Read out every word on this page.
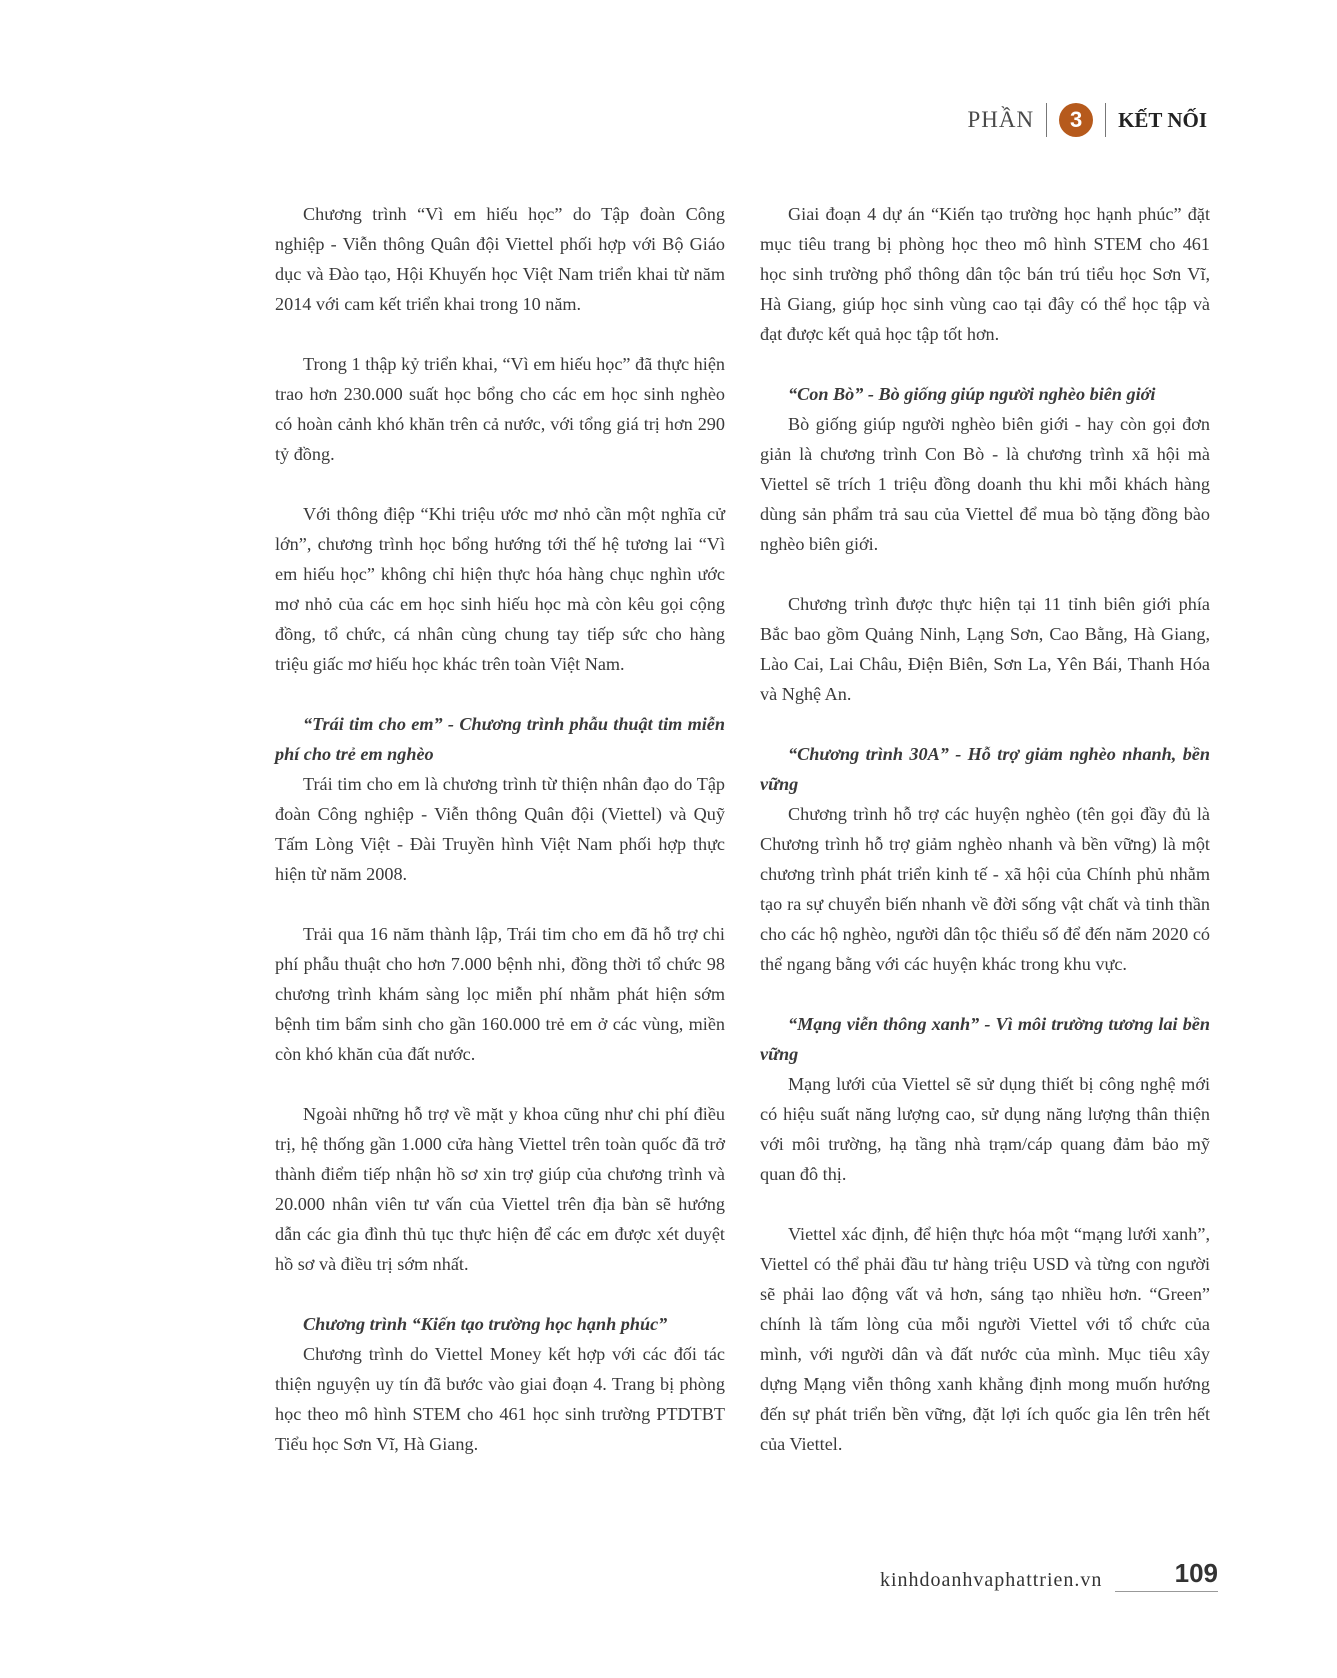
PHẦN	3	KẾT NỐI

Chương trình “Vì em hiếu học” do Tập đoàn Công nghiệp - Viễn thông Quân đội Viettel phối hợp với Bộ Giáo dục và Đào tạo, Hội Khuyến học Việt Nam triển khai từ năm 2014 với cam kết triển khai trong 10 năm.

Trong 1 thập kỷ triển khai, “Vì em hiếu học” đã thực hiện trao hơn 230.000 suất học bổng cho các em học sinh nghèo có hoàn cảnh khó khăn trên cả nước, với tổng giá trị hơn 290 tỷ đồng.

Với thông điệp “Khi triệu ước mơ nhỏ cần một nghĩa cử lớn”, chương trình học bổng hướng tới thế hệ tương lai “Vì em hiếu học” không chỉ hiện thực hóa hàng chục nghìn ước mơ nhỏ của các em học sinh hiếu học mà còn kêu gọi cộng đồng, tổ chức, cá nhân cùng chung tay tiếp sức cho hàng triệu giấc mơ hiếu học khác trên toàn Việt Nam.

“Trái tim cho em” - Chương trình phẫu thuật tim miễn phí cho trẻ em nghèo

Trái tim cho em là chương trình từ thiện nhân đạo do Tập đoàn Công nghiệp - Viễn thông Quân đội (Viettel) và Quỹ Tấm Lòng Việt - Đài Truyền hình Việt Nam phối hợp thực hiện từ năm 2008.

Trải qua 16 năm thành lập, Trái tim cho em đã hỗ trợ chi phí phẫu thuật cho hơn 7.000 bệnh nhi, đồng thời tổ chức 98 chương trình khám sàng lọc miễn phí nhằm phát hiện sớm bệnh tim bẩm sinh cho gần 160.000 trẻ em ở các vùng, miền còn khó khăn của đất nước.

Ngoài những hỗ trợ về mặt y khoa cũng như chi phí điều trị, hệ thống gần 1.000 cửa hàng Viettel trên toàn quốc đã trở thành điểm tiếp nhận hồ sơ xin trợ giúp của chương trình và 20.000 nhân viên tư vấn của Viettel trên địa bàn sẽ hướng dẫn các gia đình thủ tục thực hiện để các em được xét duyệt hồ sơ và điều trị sớm nhất.

Chương trình “Kiến tạo trường học hạnh phúc”

Chương trình do Viettel Money kết hợp với các đối tác thiện nguyện uy tín đã bước vào giai đoạn 4. Trang bị phòng học theo mô hình STEM cho 461 học sinh trường PTDTBT Tiểu học Sơn Vĩ, Hà Giang.

Giai đoạn 4 dự án “Kiến tạo trường học hạnh phúc” đặt mục tiêu trang bị phòng học theo mô hình STEM cho 461 học sinh trường phổ thông dân tộc bán trú tiểu học Sơn Vĩ, Hà Giang, giúp học sinh vùng cao tại đây có thể học tập và đạt được kết quả học tập tốt hơn.

“Con Bò” - Bò giống giúp người nghèo biên giới

Bò giống giúp người nghèo biên giới - hay còn gọi đơn giản là chương trình Con Bò - là chương trình xã hội mà Viettel sẽ trích 1 triệu đồng doanh thu khi mỗi khách hàng dùng sản phẩm trả sau của Viettel để mua bò tặng đồng bào nghèo biên giới.

Chương trình được thực hiện tại 11 tỉnh biên giới phía Bắc bao gồm Quảng Ninh, Lạng Sơn, Cao Bằng, Hà Giang, Lào Cai, Lai Châu, Điện Biên, Sơn La, Yên Bái, Thanh Hóa và Nghệ An.

“Chương trình 30A” - Hỗ trợ giảm nghèo nhanh, bền vững

Chương trình hỗ trợ các huyện nghèo (tên gọi đầy đủ là Chương trình hỗ trợ giảm nghèo nhanh và bền vững) là một chương trình phát triển kinh tế - xã hội của Chính phủ nhằm tạo ra sự chuyển biến nhanh về đời sống vật chất và tinh thần cho các hộ nghèo, người dân tộc thiểu số để đến năm 2020 có thể ngang bằng với các huyện khác trong khu vực.

“Mạng viễn thông xanh” - Vì môi trường tương lai bền vững

Mạng lưới của Viettel sẽ sử dụng thiết bị công nghệ mới có hiệu suất năng lượng cao, sử dụng năng lượng thân thiện với môi trường, hạ tầng nhà trạm/cáp quang đảm bảo mỹ quan đô thị.

Viettel xác định, để hiện thực hóa một “mạng lưới xanh”, Viettel có thể phải đầu tư hàng triệu USD và từng con người sẽ phải lao động vất vả hơn, sáng tạo nhiều hơn. “Green” chính là tấm lòng của mỗi người Viettel với tổ chức của mình, với người dân và đất nước của mình. Mục tiêu xây dựng Mạng viễn thông xanh khẳng định mong muốn hướng đến sự phát triển bền vững, đặt lợi ích quốc gia lên trên hết của Viettel.

kinhdoanhvaphattrien.vn	109
